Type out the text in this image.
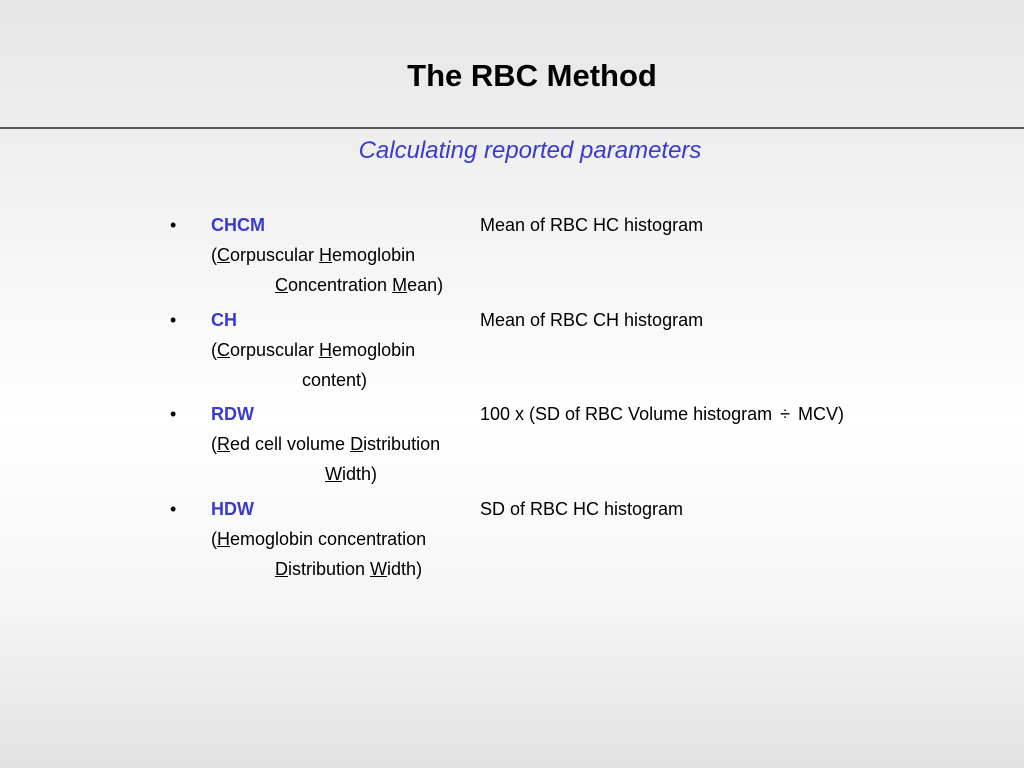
The RBC Method
Calculating reported parameters
• CHCM
(Corpuscular Hemoglobin
Concentration Mean)
Mean of RBC HC histogram
• CH
(Corpuscular Hemoglobin
content)
Mean of RBC CH histogram
• RDW
(Red cell volume Distribution
Width)
100 x (SD of RBC Volume histogram ÷ MCV)
• HDW
(Hemoglobin concentration
Distribution Width)
SD of RBC HC histogram
